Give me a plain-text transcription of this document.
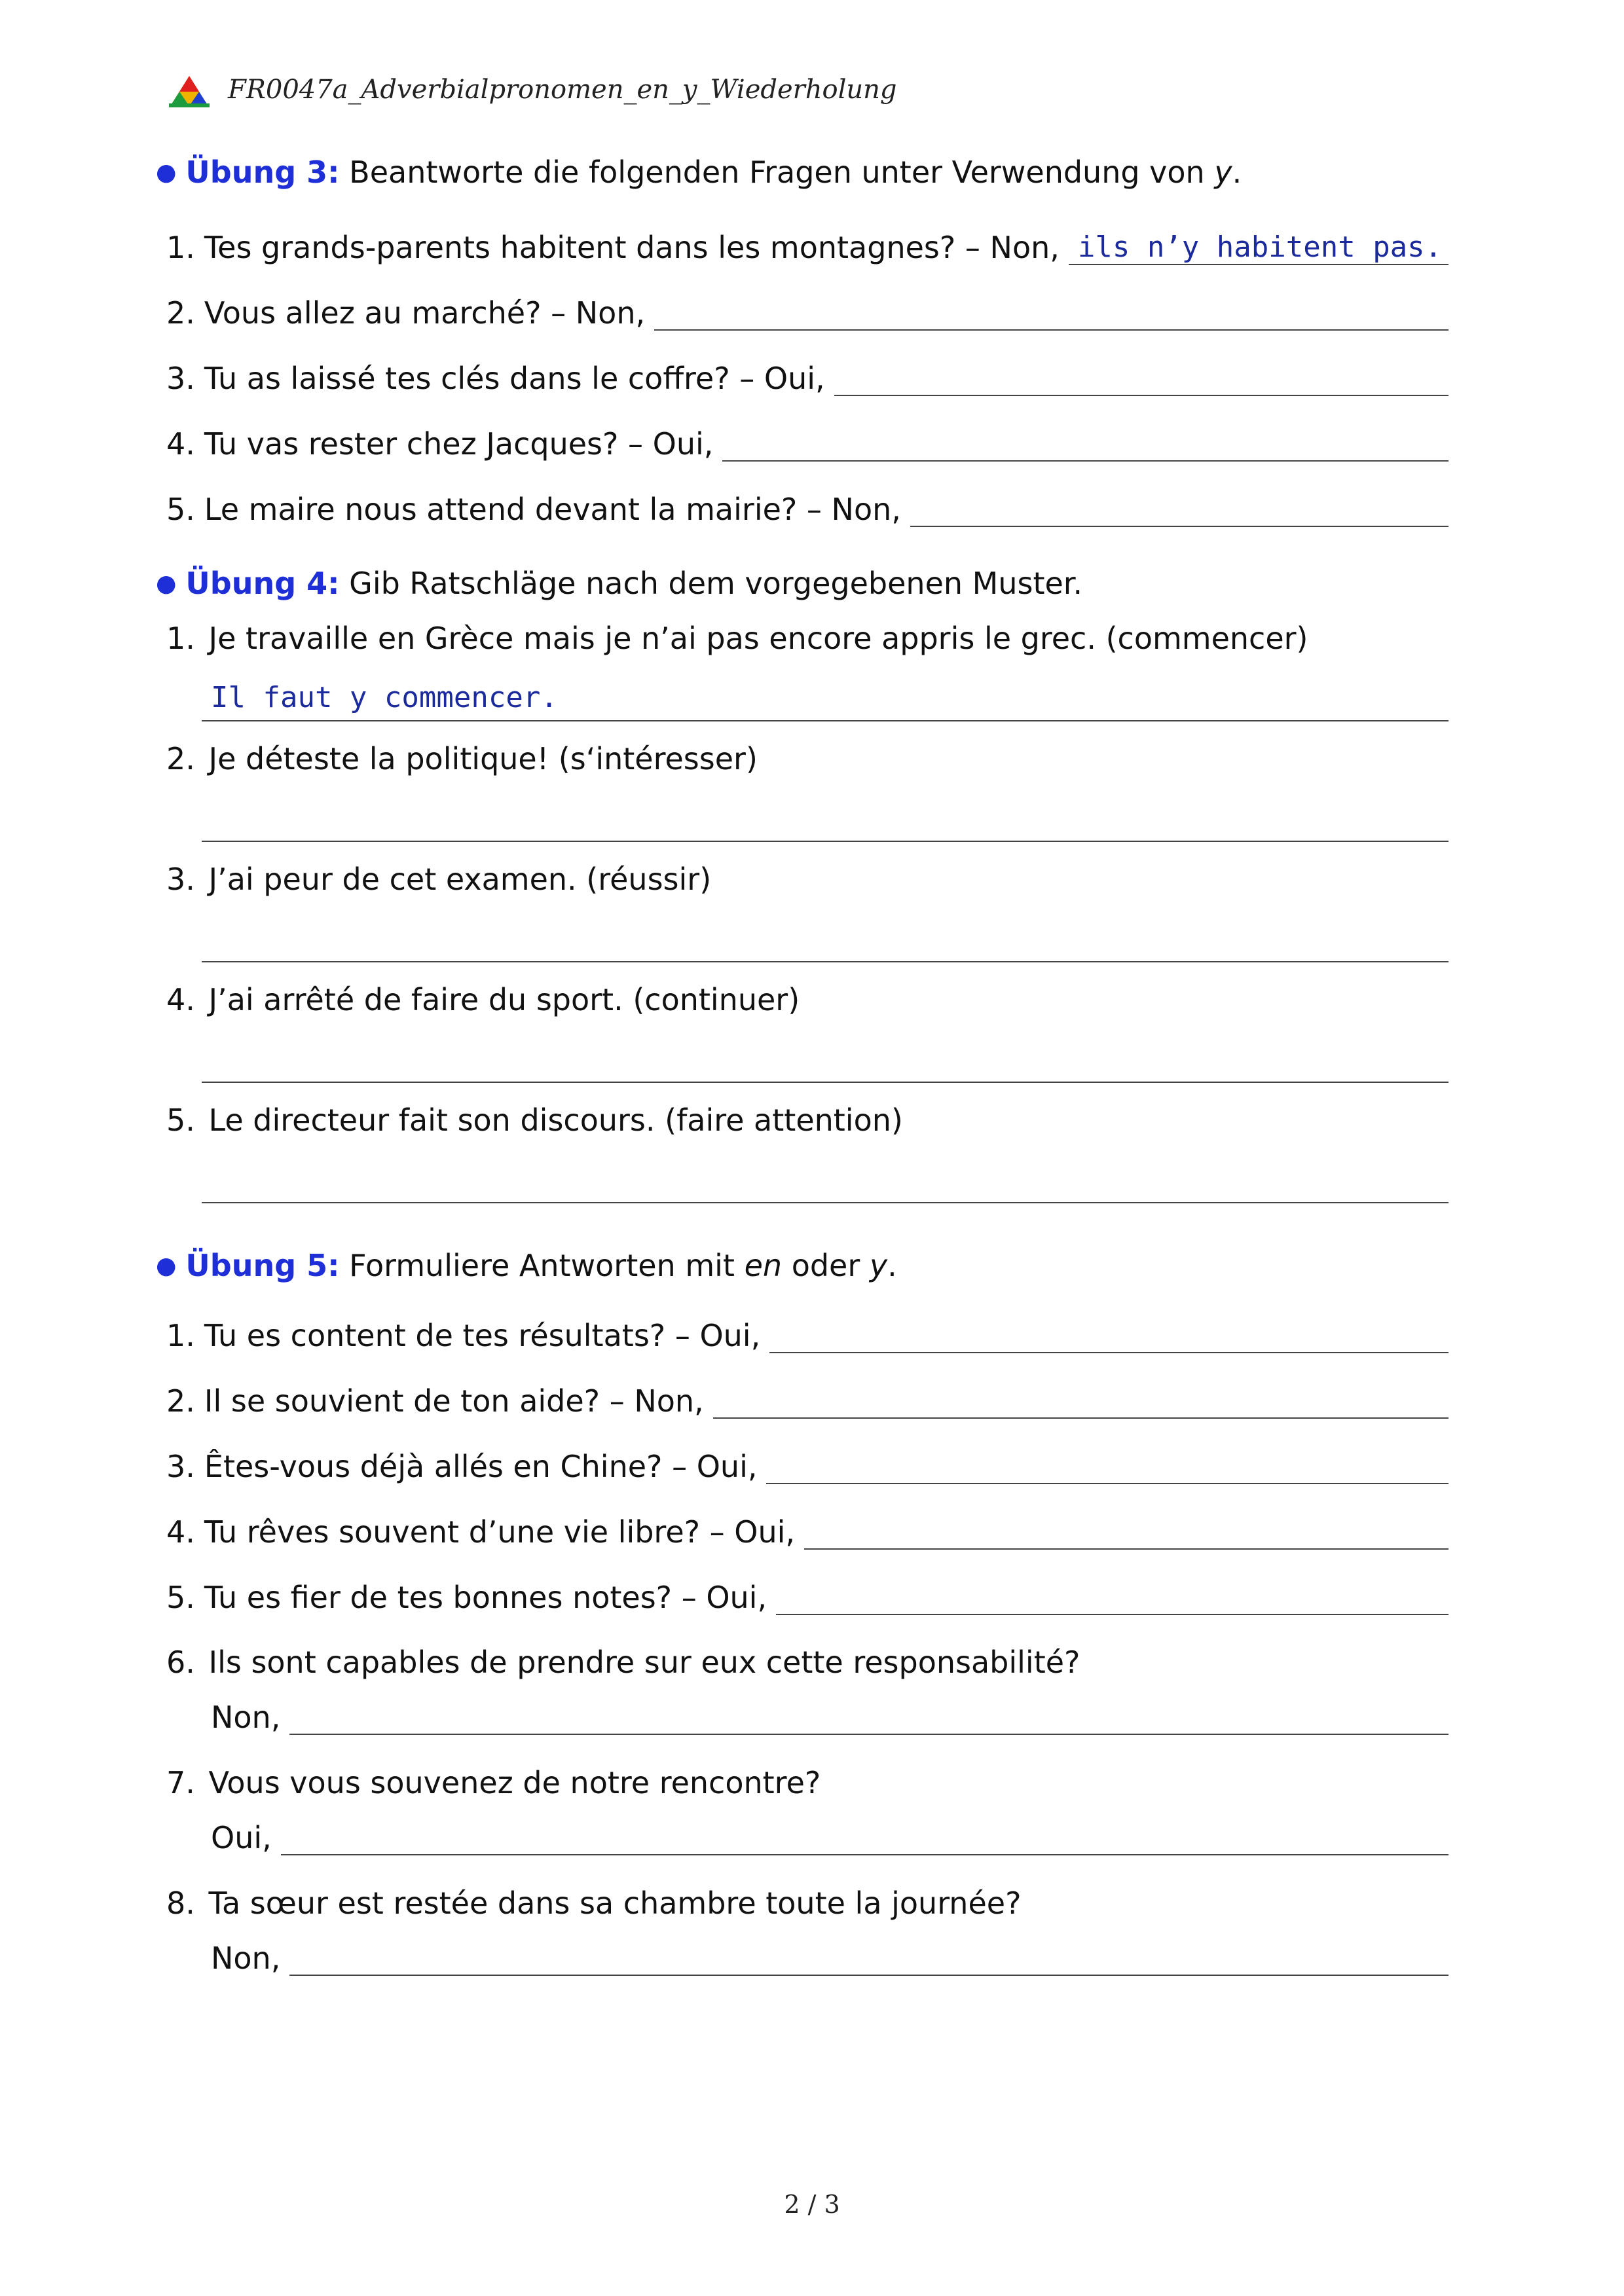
FR0047a_Adverbialpronomen_en_y_Wiederholung
● Übung 3: Beantworte die folgenden Fragen unter Verwendung von y.
1. Tes grands-parents habitent dans les montagnes? – Non, ils n’y habitent pas.
2. Vous allez au marché? – Non,
3. Tu as laissé tes clés dans le coffre? – Oui,
4. Tu vas rester chez Jacques? – Oui,
5. Le maire nous attend devant la mairie? – Non,
● Übung 4: Gib Ratschläge nach dem vorgegebenen Muster.
1. Je travaille en Grèce mais je n’ai pas encore appris le grec. (commencer)
Il faut y commencer.
2. Je déteste la politique! (s‘intéresser)
3. J’ai peur de cet examen. (réussir)
4. J’ai arrêté de faire du sport. (continuer)
5. Le directeur fait son discours. (faire attention)
● Übung 5: Formuliere Antworten mit en oder y.
1. Tu es content de tes résultats? – Oui,
2. Il se souvient de ton aide? – Non,
3. Êtes-vous déjà allés en Chine? – Oui,
4. Tu rêves souvent d’une vie libre? – Oui,
5. Tu es fier de tes bonnes notes? – Oui,
6. Ils sont capables de prendre sur eux cette responsabilité?
Non,
7. Vous vous souvenez de notre rencontre?
Oui,
8. Ta sœur est restée dans sa chambre toute la journée?
Non,
2 / 3
